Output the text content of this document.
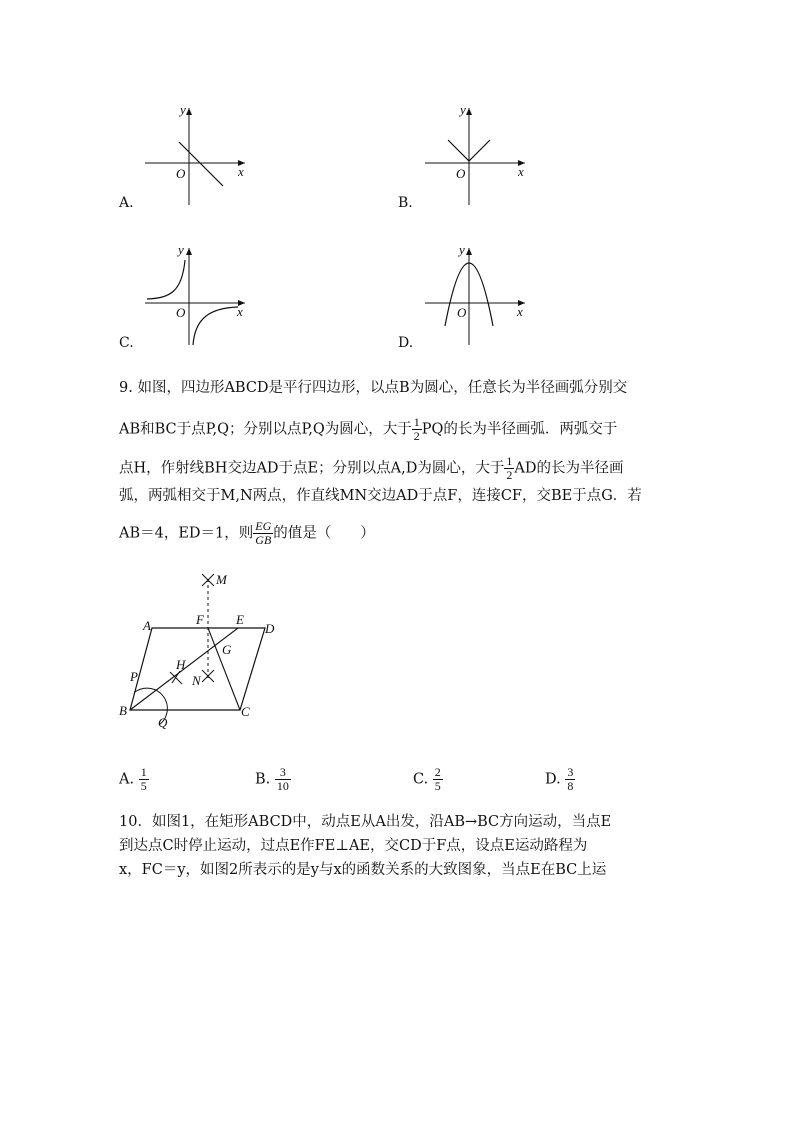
y
x
O
A.
y
x
O
B.
y
x
O
C.
y
x
O
D.
9. 如图，四边形ABCD是平行四边形，以点B为圆心，任意长为半径画弧分别交
AB和BC于点P,Q；分别以点P,Q为圆心，大于 $\frac{1}{2}$ PQ的长为半径画弧．两弧交于
点H，作射线BH交边AD于点E；分别以点A,D为圆心，大于 $\frac{1}{2}$ AD的长为半径画
弧，两弧相交于M,N两点，作直线MN交边AD于点F，连接CF，交BE于点G．若
AB＝4，ED＝1，则 $\frac{EG}{GB}$ 的值是（　　）
A
B	C
D
E
F
G
H
M
N
P
Q
A. $\frac{1}{5}$	B. $\frac{3}{10}$	C. $\frac{2}{5}$	D. $\frac{3}{8}$
10．如图1，在矩形ABCD中，动点E从A出发，沿AB→BC方向运动，当点E
到达点C时停止运动，过点E作FE⊥AE，交CD于F点，设点E运动路程为
x，FC＝y，如图2所表示的是y与x的函数关系的大致图象，当点E在BC上运
